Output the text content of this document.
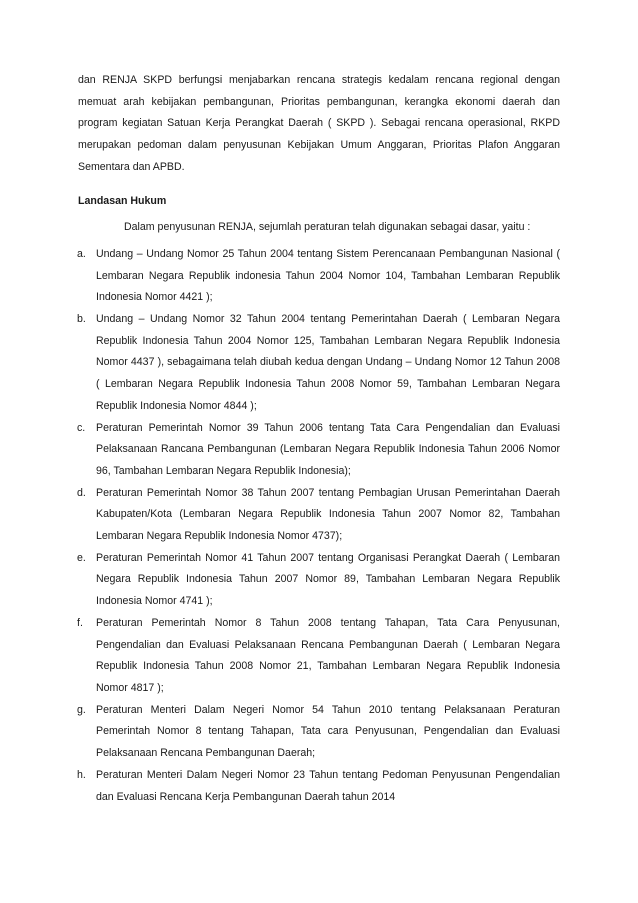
dan RENJA SKPD berfungsi menjabarkan rencana strategis kedalam rencana regional dengan memuat arah kebijakan pembangunan, Prioritas pembangunan, kerangka ekonomi daerah dan program kegiatan Satuan Kerja Perangkat Daerah ( SKPD ). Sebagai rencana operasional, RKPD merupakan pedoman dalam penyusunan Kebijakan Umum Anggaran, Prioritas Plafon Anggaran Sementara dan APBD.

Landasan Hukum

Dalam penyusunan RENJA, sejumlah peraturan telah digunakan sebagai dasar, yaitu :

a. Undang – Undang Nomor 25 Tahun 2004 tentang Sistem Perencanaan Pembangunan Nasional ( Lembaran Negara Republik indonesia Tahun 2004 Nomor 104, Tambahan Lembaran Republik Indonesia Nomor 4421 );
b. Undang – Undang Nomor 32 Tahun 2004 tentang Pemerintahan Daerah ( Lembaran Negara Republik Indonesia Tahun 2004 Nomor 125, Tambahan Lembaran Negara Republik Indonesia Nomor 4437 ), sebagaimana telah diubah kedua dengan Undang – Undang Nomor 12 Tahun 2008 ( Lembaran Negara Republik Indonesia Tahun 2008 Nomor 59, Tambahan Lembaran Negara Republik Indonesia Nomor 4844 );
c. Peraturan Pemerintah Nomor 39 Tahun 2006 tentang Tata Cara Pengendalian dan Evaluasi Pelaksanaan Rancana Pembangunan (Lembaran Negara Republik Indonesia Tahun 2006 Nomor 96, Tambahan Lembaran Negara Republik Indonesia);
d. Peraturan Pemerintah Nomor 38 Tahun 2007 tentang Pembagian Urusan Pemerintahan Daerah Kabupaten/Kota (Lembaran Negara Republik Indonesia Tahun 2007 Nomor 82, Tambahan Lembaran Negara Republik Indonesia Nomor 4737);
e. Peraturan Pemerintah Nomor 41 Tahun 2007 tentang Organisasi Perangkat Daerah ( Lembaran Negara Republik Indonesia Tahun 2007 Nomor 89, Tambahan Lembaran Negara Republik Indonesia Nomor 4741 );
f. Peraturan Pemerintah Nomor 8 Tahun 2008 tentang Tahapan, Tata Cara Penyusunan, Pengendalian dan Evaluasi Pelaksanaan Rencana Pembangunan Daerah ( Lembaran Negara Republik Indonesia Tahun 2008 Nomor 21, Tambahan Lembaran Negara Republik Indonesia Nomor 4817 );
g. Peraturan Menteri Dalam Negeri Nomor 54 Tahun 2010 tentang Pelaksanaan Peraturan Pemerintah Nomor 8 tentang Tahapan, Tata cara Penyusunan, Pengendalian dan Evaluasi Pelaksanaan Rencana Pembangunan Daerah;
h. Peraturan Menteri Dalam Negeri Nomor 23 Tahun tentang Pedoman Penyusunan Pengendalian dan Evaluasi Rencana Kerja Pembangunan Daerah tahun 2014
